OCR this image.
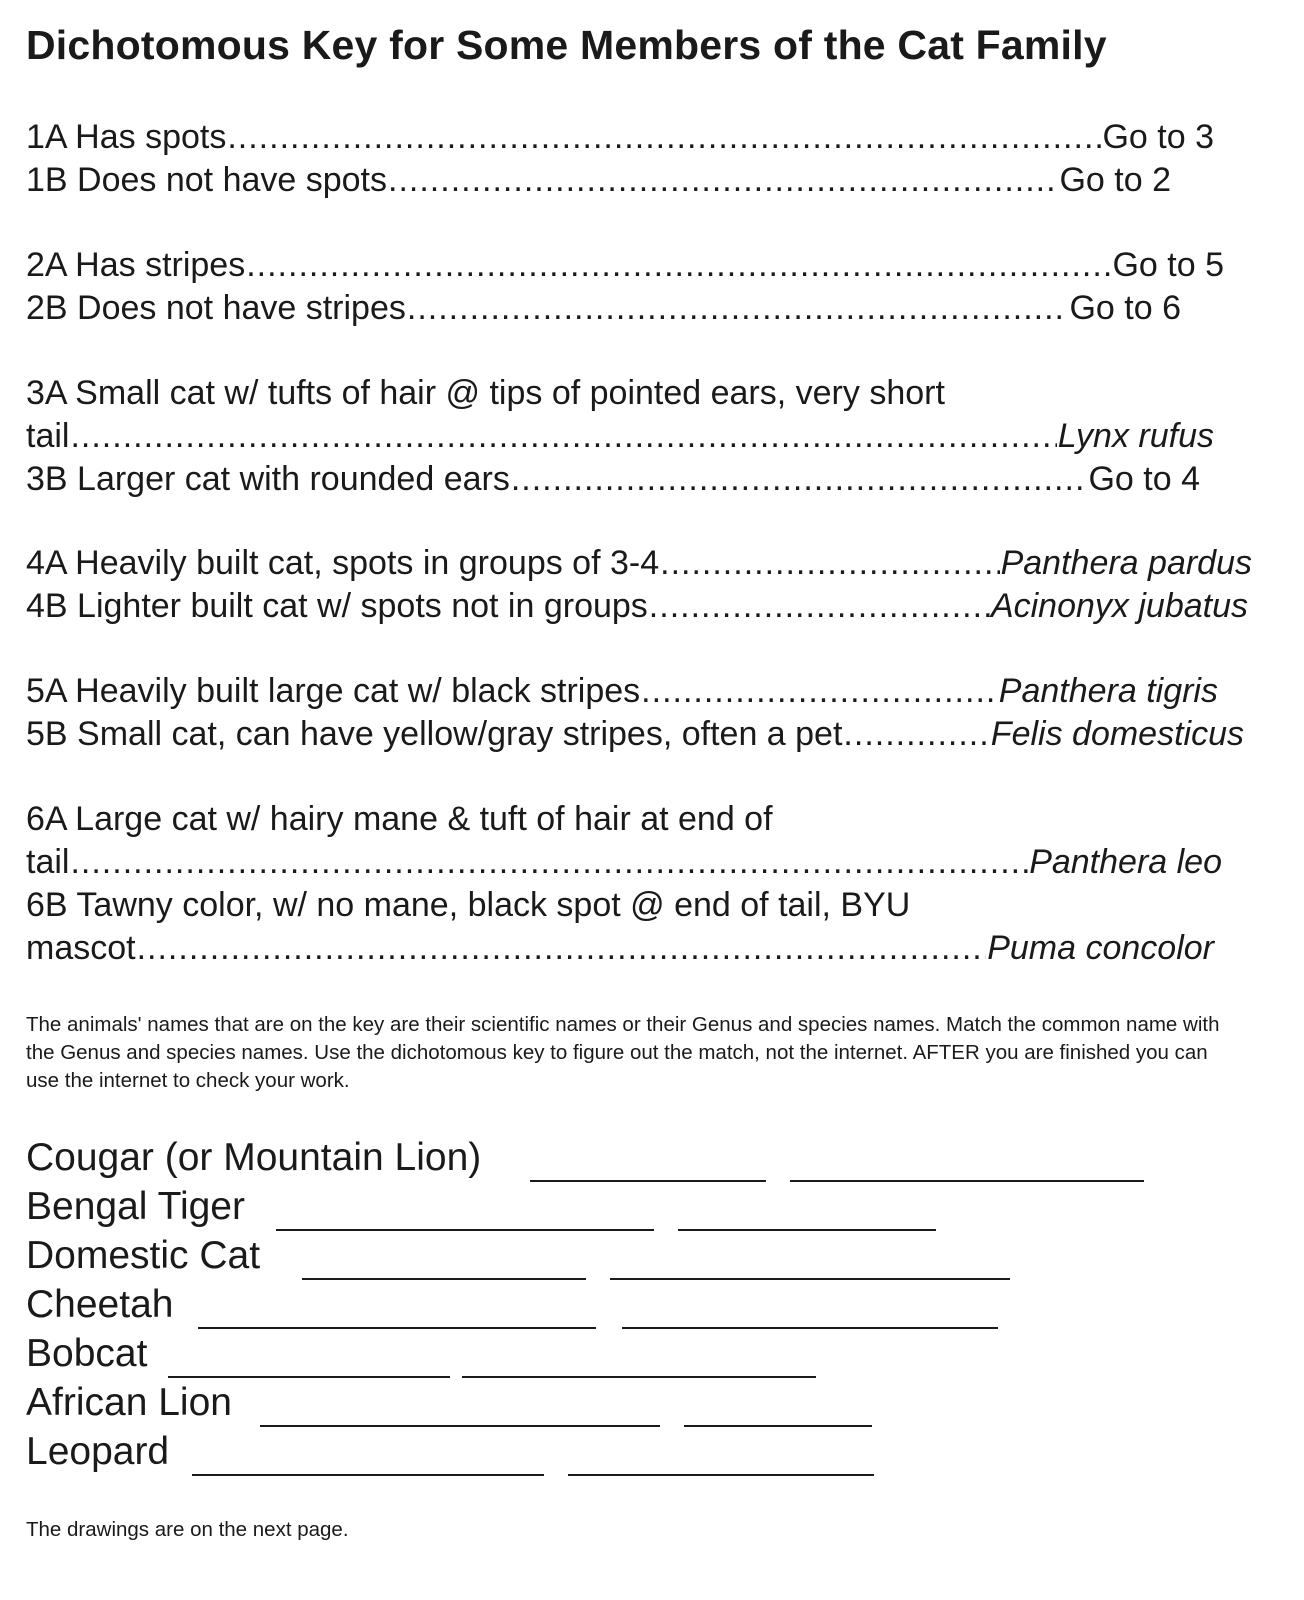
Dichotomous Key for Some Members of the Cat Family
1A Has spots .....	Go to 3
1B Does not have spots .....	Go to 2
2A Has stripes .....	Go to 5
2B Does not have stripes .....	Go to 6
3A Small cat w/ tufts of hair @ tips of pointed ears, very short
tail .....	Lynx rufus
3B Larger cat with rounded ears .....	Go to 4
4A Heavily built cat, spots in groups of 3-4 .....	Panthera pardus
4B Lighter built cat w/ spots not in groups .....	Acinonyx jubatus
5A Heavily built large cat w/ black stripes .....	Panthera tigris
5B Small cat, can have yellow/gray stripes, often a pet .....	Felis domesticus
6A Large cat w/ hairy mane & tuft of hair at end of
tail .....	Panthera leo
6B Tawny color, w/ no mane, black spot @ end of tail, BYU
mascot .....	Puma concolor
The animals' names that are on the key are their scientific names or their Genus and species names. Match the common name with the Genus and species names. Use the dichotomous key to figure out the match, not the internet. AFTER you are finished you can use the internet to check your work.
Cougar (or Mountain Lion)
Bengal Tiger
Domestic Cat
Cheetah
Bobcat
African Lion
Leopard
The drawings are on the next page.
